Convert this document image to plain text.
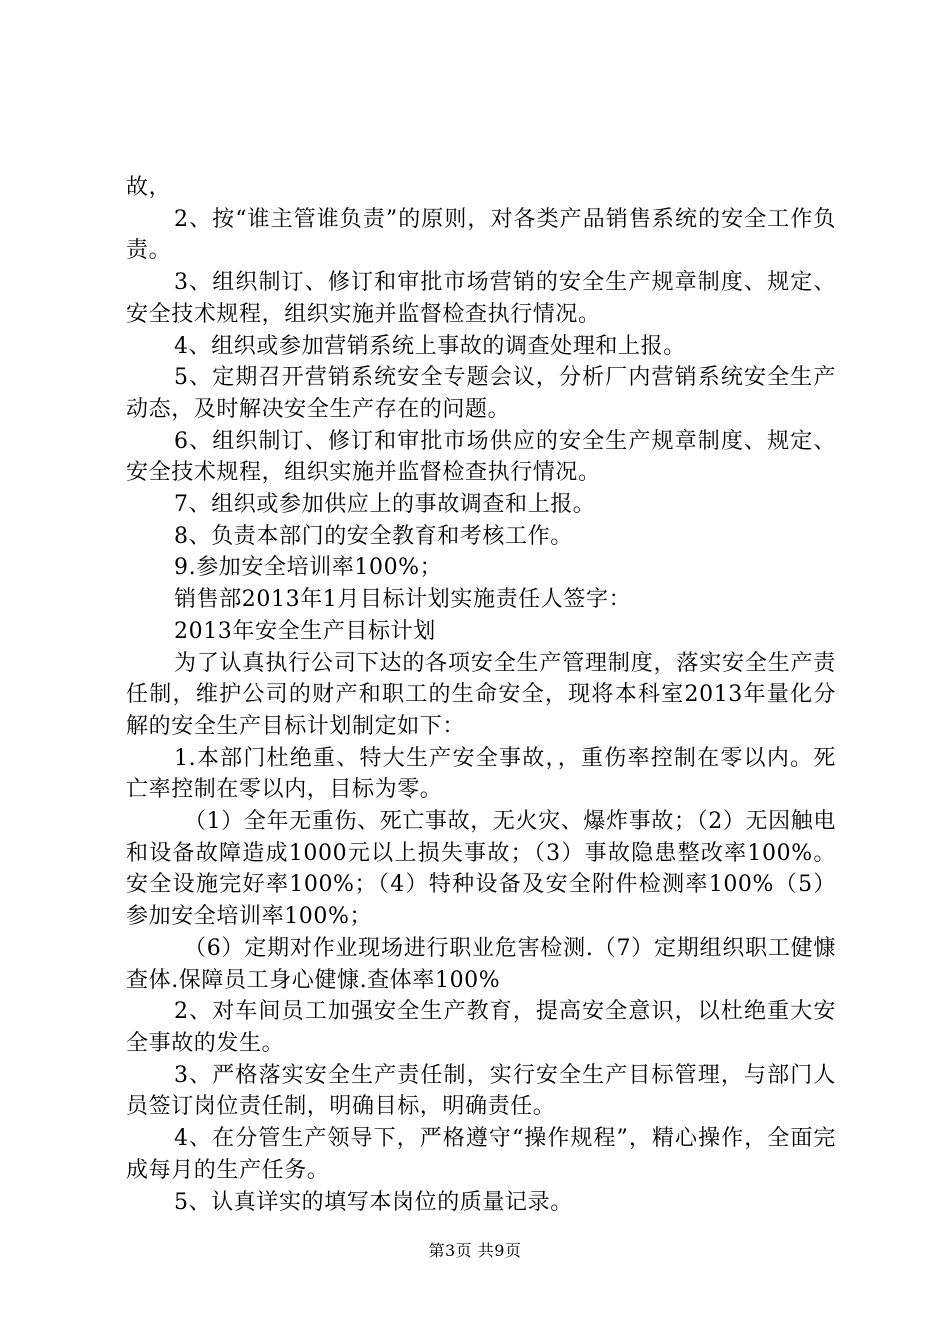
故，

2、按“谁主管谁负责”的原则，对各类产品销售系统的安全工作负责。

3、组织制订、修订和审批市场营销的安全生产规章制度、规定、安全技术规程，组织实施并监督检查执行情况。

4、组织或参加营销系统上事故的调查处理和上报。

5、定期召开营销系统安全专题会议，分析厂内营销系统安全生产动态，及时解决安全生产存在的问题。

6、组织制订、修订和审批市场供应的安全生产规章制度、规定、安全技术规程，组织实施并监督检查执行情况。

7、组织或参加供应上的事故调查和上报。

8、负责本部门的安全教育和考核工作。

9.参加安全培训率100%；

销售部2013年1月目标计划实施责任人签字：

2013年安全生产目标计划

为了认真执行公司下达的各项安全生产管理制度，落实安全生产责任制，维护公司的财产和职工的生命安全，现将本科室2013年量化分解的安全生产目标计划制定如下：

1.本部门杜绝重、特大生产安全事故，，重伤率控制在零以内。死亡率控制在零以内，目标为零。

（1）全年无重伤、死亡事故，无火灾、爆炸事故；（2）无因触电和设备故障造成1000元以上损失事故；（3）事故隐患整改率100%。安全设施完好率100%；（4）特种设备及安全附件检测率100%（5）参加安全培训率100%；

（6）定期对作业现场进行职业危害检测.（7）定期组织职工健慷查体.保障员工身心健慷.查体率100%

2、对车间员工加强安全生产教育，提高安全意识，以杜绝重大安全事故的发生。

3、严格落实安全生产责任制，实行安全生产目标管理，与部门人员签订岗位责任制，明确目标，明确责任。

4、在分管生产领导下，严格遵守“操作规程”，精心操作，全面完成每月的生产任务。

5、认真详实的填写本岗位的质量记录。

第3页 共9页
